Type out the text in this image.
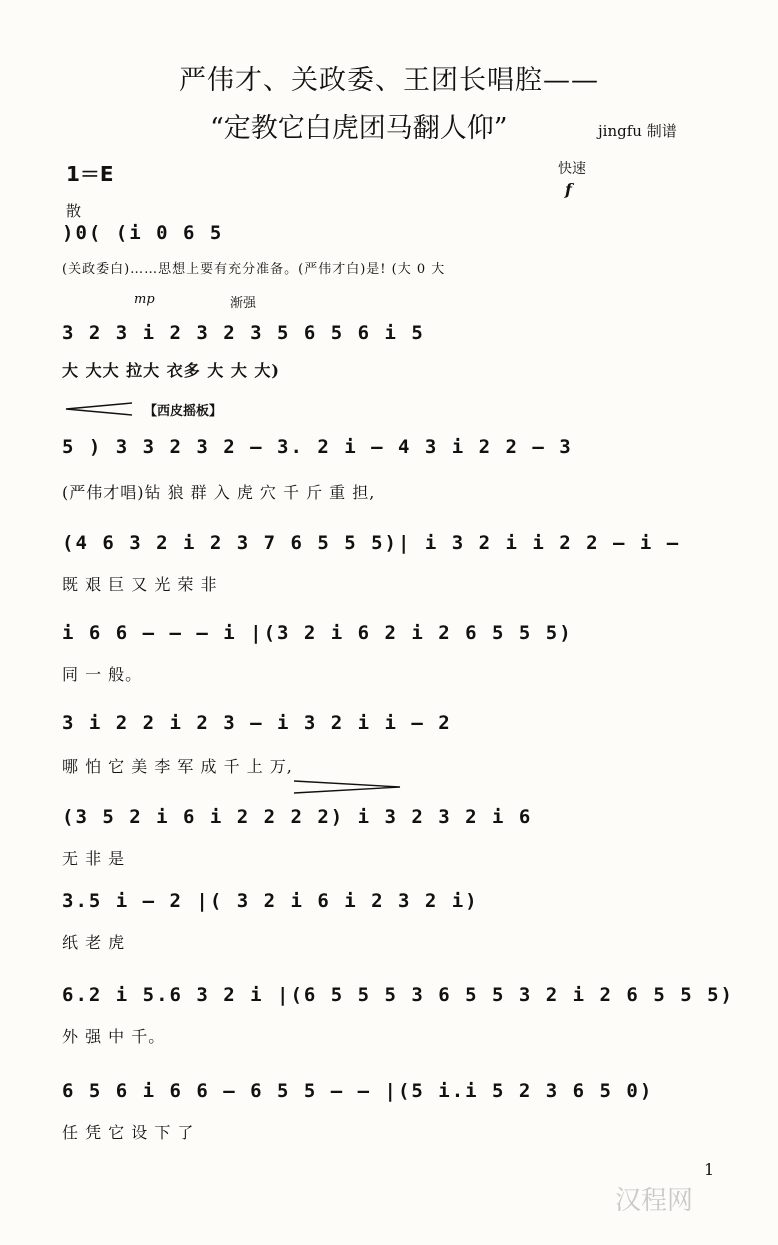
严伟才、关政委、王团长唱腔——
“定教它白虎团马翻人仰”	jingfu 制谱
1＝E	快速
f
散
mp	渐强
【西皮摇板】
)0( (i 0 6 5
(关政委白)……思想上要有充分准备。(严伟才白)是! (大 0 大
3 2 3 i 2 3 2 3 5 6 5 6 i 5
大 大大 拉大 衣多 大 大 大)
5 ) 3 3 2 3 2 — 3. 2 i — 4 3 i 2 2 — 3
(严伟才唱)钻 狼 群 入 虎 穴 千 斤 重 担,
(4 6 3 2 i 2 3 7 6 5 5 5)| i 3 2 i i 2 2 — i —
既 艰 巨 又 光 荣 非
i 6 6 — — — i |(3 2 i 6 2 i 2 6 5 5 5)
同 一 般。
3 i 2 2 i 2 3 — i 3 2 i i — 2
哪 怕 它 美 李 军 成 千 上 万,
(3 5 2 i 6 i 2 2 2 2) i 3 2 3 2 i 6
无 非 是
3.5 i — 2 |( 3 2 i 6 i 2 3 2 i)
纸 老 虎
6.2 i 5.6 3 2 i |(6 5 5 5 3 6 5 5 3 2 i 2 6 5 5 5)
外 强 中 千。
6 5 6 i 6 6 — 6 5 5 — — |(5 i.i 5 2 3 6 5 0)
任 凭 它 设 下 了
1
汉程网
